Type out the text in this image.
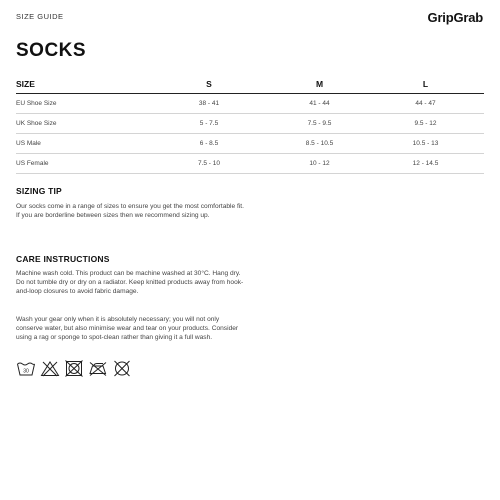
SIZE GUIDE	GripGrab
SOCKS
SIZE	S	M	L
EU Shoe Size	38 - 41	41 - 44	44 - 47
UK Shoe Size	5 - 7.5	7.5 - 9.5	9.5 - 12
US Male	6 - 8.5	8.5 - 10.5	10.5 - 13
US Female	7.5 - 10	10 - 12	12 - 14.5
SIZING TIP
Our socks come in a range of sizes to ensure you get the most comfortable fit. If you are borderline between sizes then we recommend sizing up.
CARE INSTRUCTIONS
Machine wash cold. This product can be machine washed at 30°C. Hang dry. Do not tumble dry or dry on a radiator. Keep knitted products away from hook-and-loop closures to avoid fabric damage.
Wash your gear only when it is absolutely necessary; you will not only conserve water, but also minimise wear and tear on your products. Consider using a rag or sponge to spot-clean rather than giving it a full wash.
30
